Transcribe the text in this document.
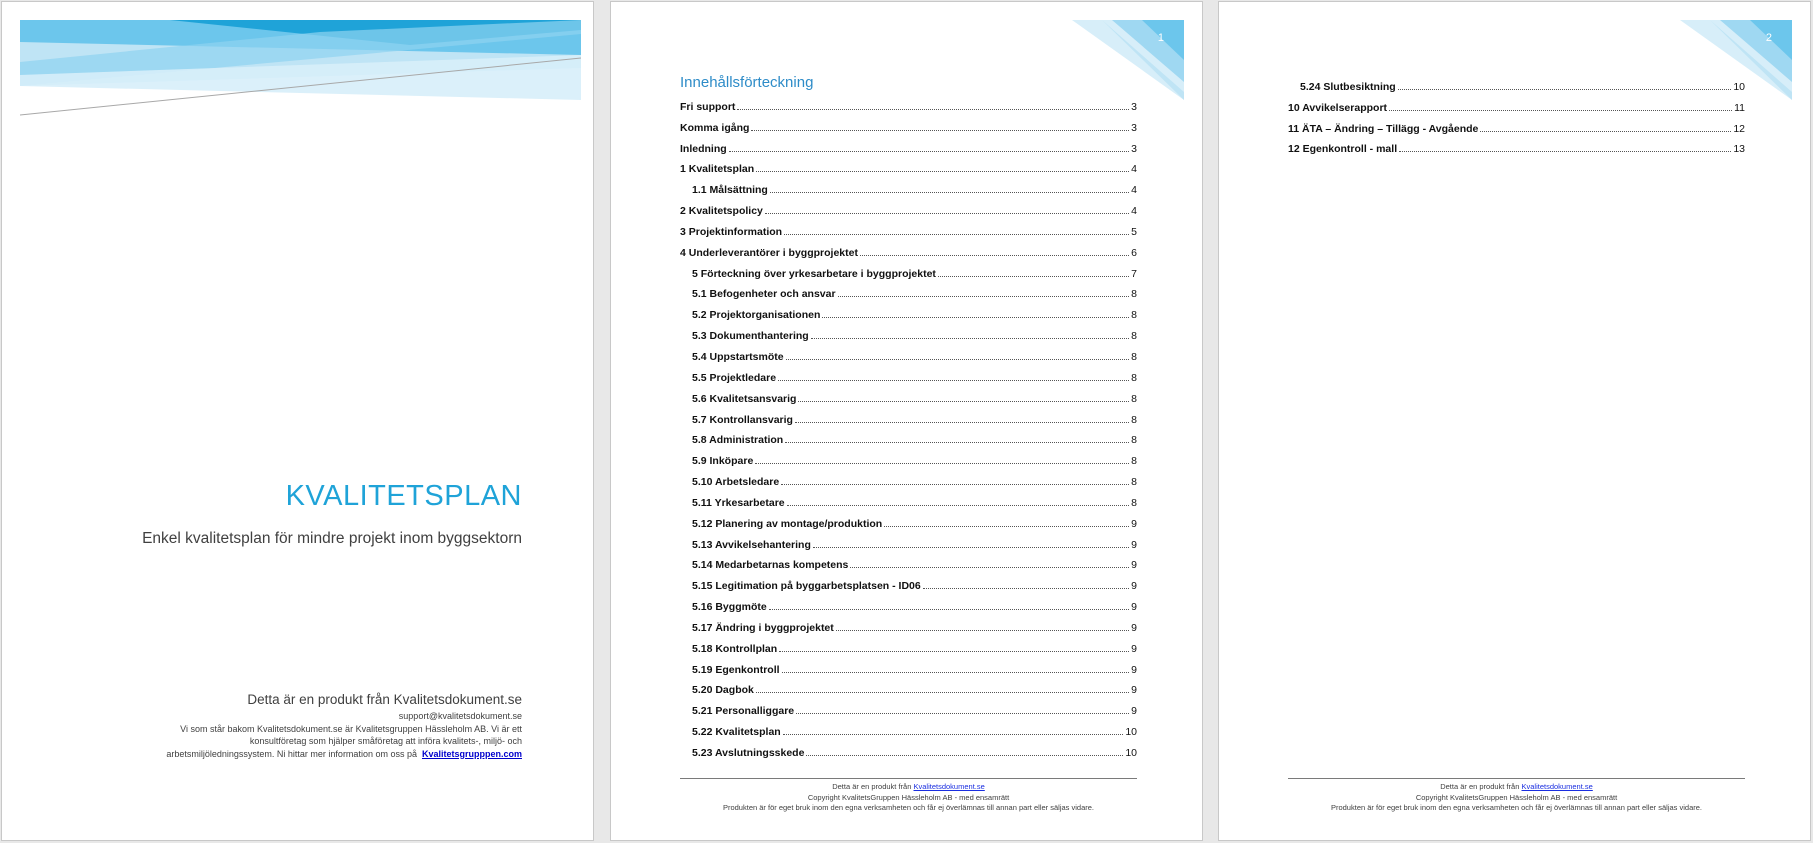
KVALITETSPLAN
Enkel kvalitetsplan för mindre projekt inom byggsektorn
Detta är en produkt från Kvalitetsdokument.se
support@kvalitetsdokument.se
Vi som står bakom Kvalitetsdokument.se är Kvalitetsgruppen Hässleholm AB. Vi är ett konsultföretag som hjälper småföretag att införa kvalitets-, miljö- och arbetsmiljöledningssystem. Ni hittar mer information om oss på Kvalitetsgrupppen.com
1
Innehållsförteckning
Fri support	3
Komma igång	3
Inledning	3
1 Kvalitetsplan	4
1.1 Målsättning	4
2 Kvalitetspolicy	4
3 Projektinformation	5
4 Underleverantörer i byggprojektet	6
5 Förteckning över yrkesarbetare i byggprojektet	7
5.1 Befogenheter och ansvar	8
5.2 Projektorganisationen	8
5.3 Dokumenthantering	8
5.4 Uppstartsmöte	8
5.5 Projektledare	8
5.6 Kvalitetsansvarig	8
5.7 Kontrollansvarig	8
5.8 Administration	8
5.9 Inköpare	8
5.10 Arbetsledare	8
5.11 Yrkesarbetare	8
5.12 Planering av montage/produktion	9
5.13 Avvikelsehantering	9
5.14 Medarbetarnas kompetens	9
5.15 Legitimation på byggarbetsplatsen - ID06	9
5.16 Byggmöte	9
5.17 Ändring i byggprojektet	9
5.18 Kontrollplan	9
5.19 Egenkontroll	9
5.20 Dagbok	9
5.21 Personalliggare	9
5.22 Kvalitetsplan	10
5.23 Avslutningsskede	10
Detta är en produkt från Kvalitetsdokument.se
Copyright KvalitetsGruppen Hässleholm AB - med ensamrätt
Produkten är för eget bruk inom den egna verksamheten och får ej överlämnas till annan part eller säljas vidare.
2
5.24 Slutbesiktning	10
10 Avvikelserapport	11
11 ÄTA – Ändring – Tillägg - Avgående	12
12 Egenkontroll - mall	13
Detta är en produkt från Kvalitetsdokument.se
Copyright KvalitetsGruppen Hässleholm AB - med ensamrätt
Produkten är för eget bruk inom den egna verksamheten och får ej överlämnas till annan part eller säljas vidare.
